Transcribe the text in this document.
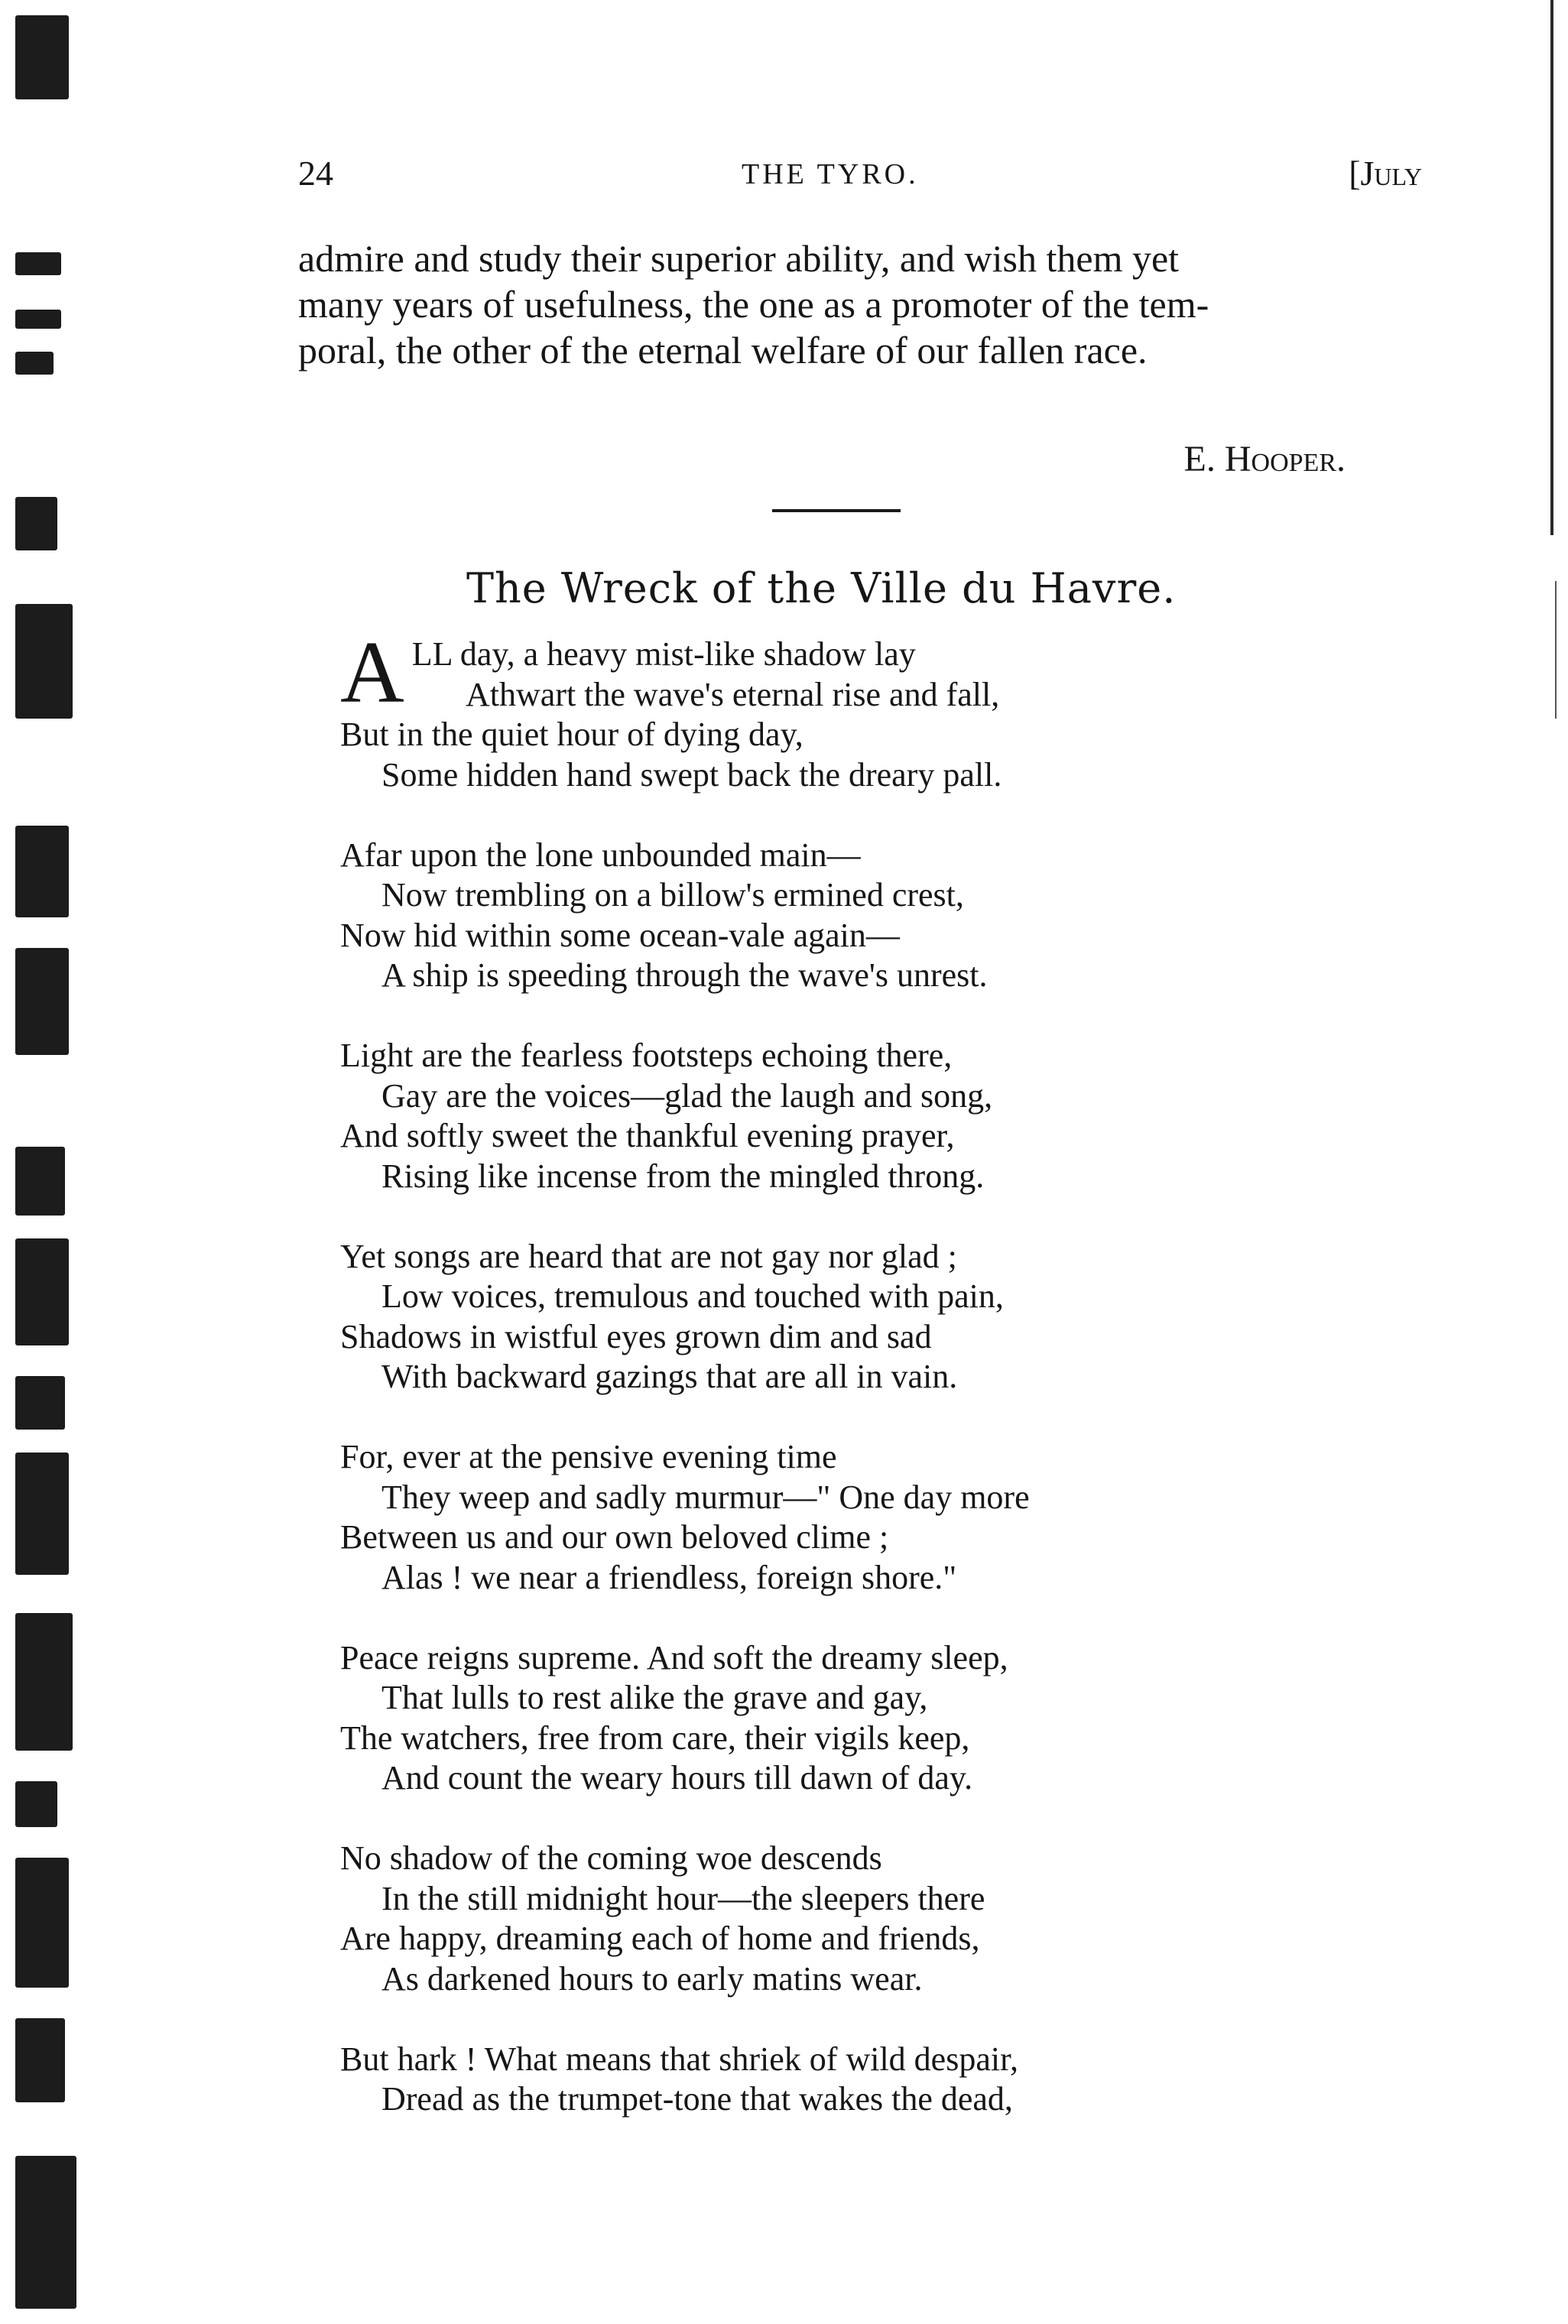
24	THE TYRO.	[July

admire and study their superior ability, and wish them yet

many years of usefulness, the one as a promoter of the tem-

poral, the other of the eternal welfare of our fallen race.

E. Hooper.
The Wreck of the Ville du Havre.
A LL day, a heavy mist-like shadow lay
Athwart the wave's eternal rise and fall,
But in the quiet hour of dying day,
Some hidden hand swept back the dreary pall.
Afar upon the lone unbounded main—
Now trembling on a billow's ermined crest,
Now hid within some ocean-vale again—
A ship is speeding through the wave's unrest.
Light are the fearless footsteps echoing there,
Gay are the voices—glad the laugh and song,
And softly sweet the thankful evening prayer,
Rising like incense from the mingled throng.
Yet songs are heard that are not gay nor glad ;
Low voices, tremulous and touched with pain,
Shadows in wistful eyes grown dim and sad
With backward gazings that are all in vain.
For, ever at the pensive evening time
They weep and sadly murmur—" One day more
Between us and our own beloved clime ;
Alas ! we near a friendless, foreign shore."
Peace reigns supreme. And soft the dreamy sleep,
That lulls to rest alike the grave and gay,
The watchers, free from care, their vigils keep,
And count the weary hours till dawn of day.
No shadow of the coming woe descends
In the still midnight hour—the sleepers there
Are happy, dreaming each of home and friends,
As darkened hours to early matins wear.
But hark ! What means that shriek of wild despair,
Dread as the trumpet-tone that wakes the dead,
